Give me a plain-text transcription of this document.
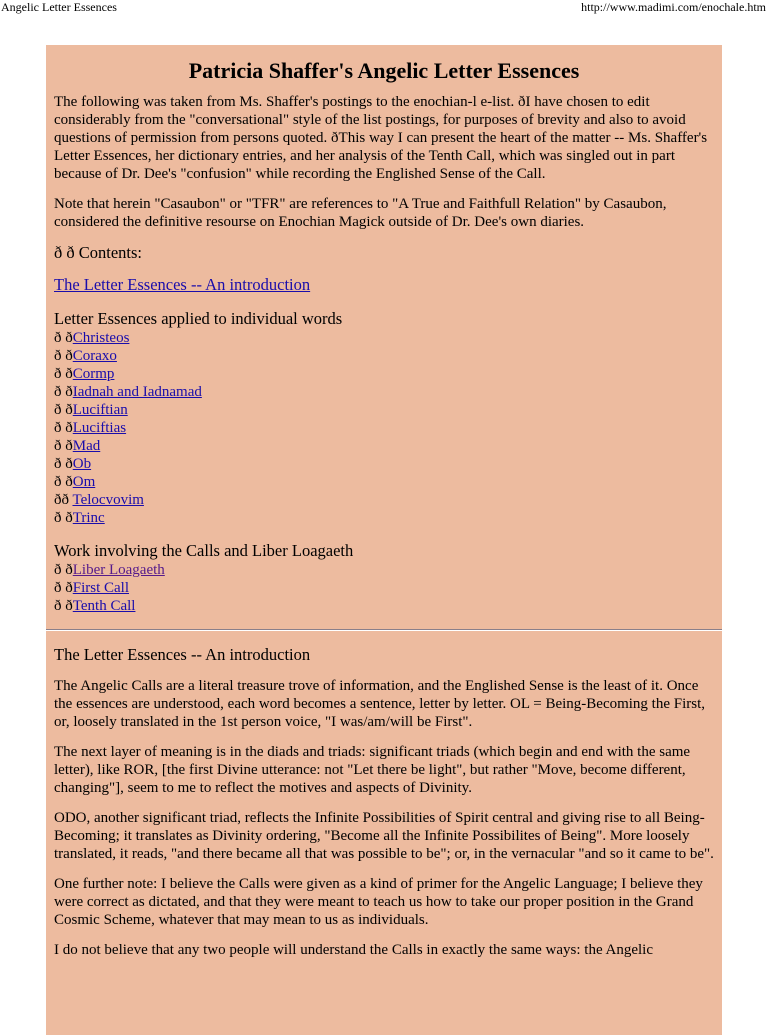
Angelic Letter Essences	http://www.madimi.com/enochale.htm
Patricia Shaffer's Angelic Letter Essences

The following was taken from Ms. Shaffer's postings to the enochian-l e-list. ðI have chosen to edit considerably from the "conversational" style of the list postings, for purposes of brevity and also to avoid questions of permission from persons quoted. ðThis way I can present the heart of the matter -- Ms. Shaffer's Letter Essences, her dictionary entries, and her analysis of the Tenth Call, which was singled out in part because of Dr. Dee's "confusion" while recording the Englished Sense of the Call.

Note that herein "Casaubon" or "TFR" are references to "A True and Faithfull Relation" by Casaubon, considered the definitive resourse on Enochian Magick outside of Dr. Dee's own diaries.

ð ð Contents:
The Letter Essences -- An introduction
Letter Essences applied to individual words
ð ðChristeos
ð ðCoraxo
ð ðCormp
ð ðIadnah and Iadnamad
ð ðLuciftian
ð ðLuciftias
ð ðMad
ð ðOb
ð ðOm
ðð Telocvovim
ð ðTrinc
Work involving the Calls and Liber Loagaeth
ð ðLiber Loagaeth
ð ðFirst Call
ð ðTenth Call
The Letter Essences -- An introduction

The Angelic Calls are a literal treasure trove of information, and the Englished Sense is the least of it. Once the essences are understood, each word becomes a sentence, letter by letter. OL = Being-Becoming the First, or, loosely translated in the 1st person voice, "I was/am/will be First".

The next layer of meaning is in the diads and triads: significant triads (which begin and end with the same letter), like ROR, [the first Divine utterance: not "Let there be light", but rather "Move, become different, changing"], seem to me to reflect the motives and aspects of Divinity.

ODO, another significant triad, reflects the Infinite Possibilities of Spirit central and giving rise to all Being-Becoming; it translates as Divinity ordering, "Become all the Infinite Possibilites of Being". More loosely translated, it reads, "and there became all that was possible to be"; or, in the vernacular "and so it came to be".

One further note: I believe the Calls were given as a kind of primer for the Angelic Language; I believe they were correct as dictated, and that they were meant to teach us how to take our proper position in the Grand Cosmic Scheme, whatever that may mean to us as individuals.

I do not believe that any two people will understand the Calls in exactly the same ways: the Angelic
